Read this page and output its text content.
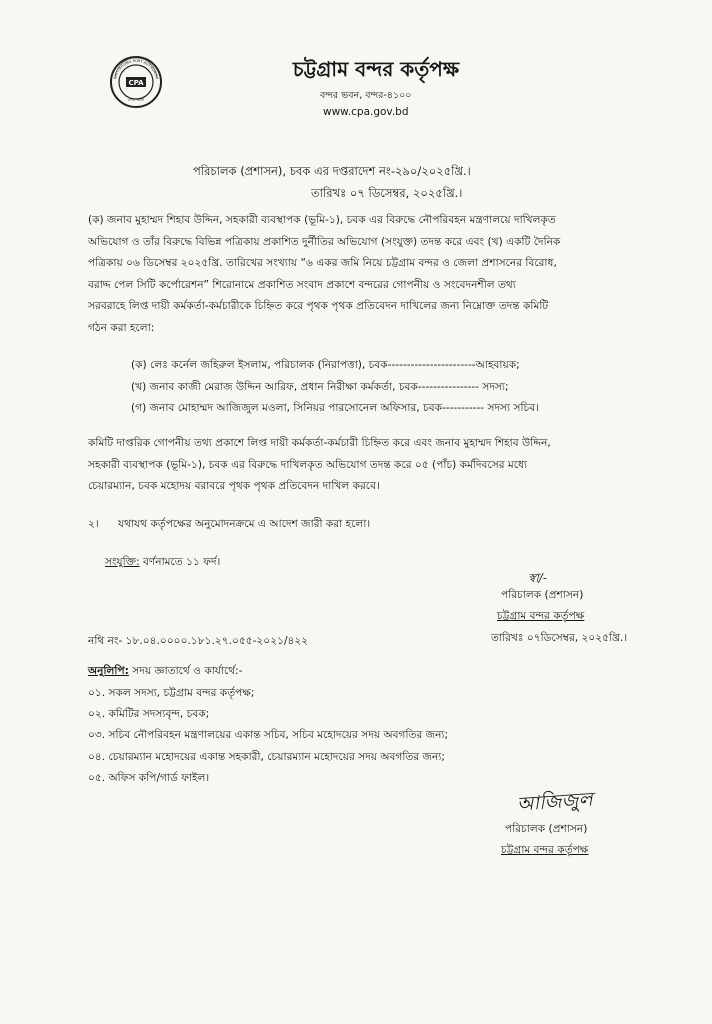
CPA
CHITTAGONG PORT AUTHORITY
বন্দর ভবন
চট্টগ্রাম বন্দর কর্তৃপক্ষ
বন্দর ভবন, বন্দর-৪১০০
www.cpa.gov.bd
পরিচালক (প্রশাসন), চবক এর দপ্তরাদেশ নং-২৯০/২০২৫খ্রি.।
তারিখঃ ০৭ ডিসেম্বর, ২০২৫খ্রি.।
(ক) জনাব মুহাম্মদ শিহাব উদ্দিন, সহকারী ব্যবস্থাপক (ভূমি-১), চবক এর বিরুদ্ধে নৌপরিবহন মন্ত্রণালয়ে দাখিলকৃত
অভিযোগ ও তাঁর বিরুদ্ধে বিভিন্ন পত্রিকায় প্রকাশিত দুর্নীতির অভিযোগ (সংযুক্ত) তদন্ত করে এবং (খ) একটি দৈনিক
পত্রিকায় ০৬ ডিসেম্বর ২০২৫খ্রি. তারিখের সংখ্যায় “৬ একর জমি নিয়ে চট্টগ্রাম বন্দর ও জেলা প্রশাসনের বিরোধ,
বরাদ্দ পেল সিটি কর্পোরেশন” শিরোনামে প্রকাশিত সংবাদ প্রকাশে বন্দরের গোপনীয় ও সংবেদনশীল তথ্য
সরবরাহে লিপ্ত দায়ী কর্মকর্তা-কর্মচারীকে চিহ্নিত করে পৃথক পৃথক প্রতিবেদন দাখিলের জন্য নিম্নোক্ত তদন্ত কমিটি
গঠন করা হলো:
(ক) লেঃ কর্নেল জহিরুল ইসলাম, পরিচালক (নিরাপত্তা), চবক-----------------------আহবায়ক;
(খ) জনাব কাজী মেরাজ উদ্দিন আরিফ, প্রধান নিরীক্ষা কর্মকর্তা, চবক---------------- সদস্য;
(গ) জনাব মোহাম্মদ আজিজুল মওলা, সিনিয়র পারসোনেল অফিসার, চবক----------- সদস্য সচিব।
কমিটি দাপ্তরিক গোপনীয় তথ্য প্রকাশে লিপ্ত দায়ী কর্মকর্তা-কর্মচারী চিহ্নিত করে এবং জনাব মুহাম্মদ শিহাব উদ্দিন,
সহকারী ব্যবস্থাপক (ভূমি-১), চবক এর বিরুদ্ধে দাখিলকৃত অভিযোগ তদন্ত করে ০৫ (পাঁচ) কর্মদিবসের মধ্যে
চেয়ারম্যান, চবক মহোদয় বরাবরে পৃথক পৃথক প্রতিবেদন দাখিল করবে।
২। যথাযথ কর্তৃপক্ষের অনুমোদনক্রমে এ আদেশ জারী করা হলো।
সংযুক্তি: বর্ণনামতে ১১ ফর্দ।
স্বা/-
পরিচালক (প্রশাসন)
চট্টগ্রাম বন্দর কর্তৃপক্ষ
তারিখঃ ০৭ডিসেম্বর, ২০২৫খ্রি.।
নথি নং- ১৮.০৪.০০০০.১৮১.২৭.০৫৫-২০২১/৪২২
অনুলিপি: সদয় জ্ঞাতার্থে ও কার্যার্থে:-
০১. সকল সদস্য, চট্টগ্রাম বন্দর কর্তৃপক্ষ;
০২. কমিটির সদস্যবৃন্দ, চবক;
০৩. সচিব নৌপরিবহন মন্ত্রণালয়ের একান্ত সচিব, সচিব মহোদয়ের সদয় অবগতির জন্য;
০৪. চেয়ারম্যান মহোদয়ের একান্ত সহকারী, চেয়ারম্যান মহোদয়ের সদয় অবগতির জন্য;
০৫. অফিস কপি/গার্ড ফাইল।
আজিজুল
পরিচালক (প্রশাসন)
চট্টগ্রাম বন্দর কর্তৃপক্ষ
